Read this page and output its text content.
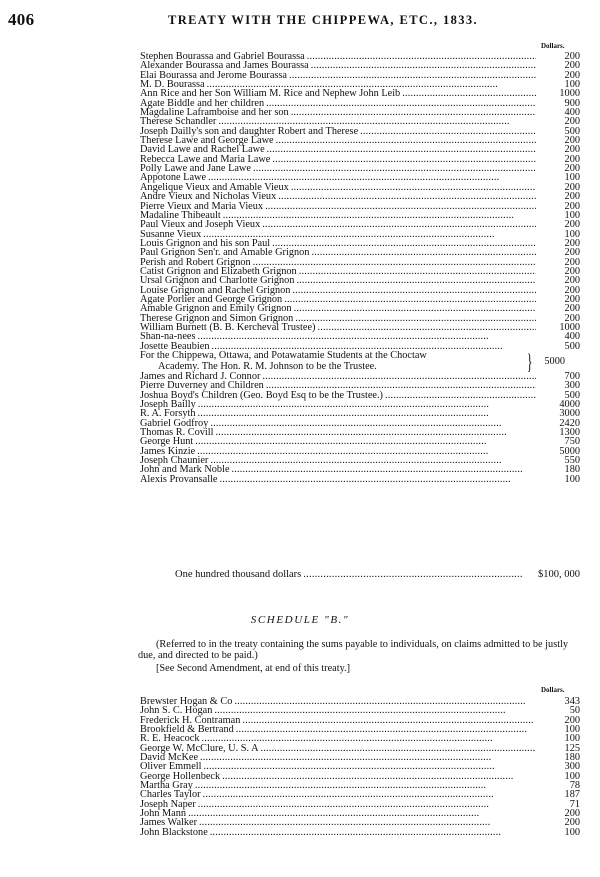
406	TREATY WITH THE CHIPPEWA, ETC., 1833.
Dollars.
Stephen Bourassa and Gabriel Bourassa . . .	200
Alexander Bourassa and James Bourassa . . .	200
Elai Bourassa and Jerome Bourassa . . .	200
M. D. Bourassa . . .	100
Ann Rice and her Son William M. Rice and Nephew John Leib . . .	1000
Agate Biddle and her children . . .	900
Magdaline Laframboise and her son . . .	400
Therese Schandler . . .	200
Joseph Dailly's son and daughter Robert and Therese . . .	500
Therese Lawe and George Lawe . . .	200
David Lawe and Rachel Lawe . . .	200
Rebecca Lawe and Maria Lawe . . .	200
Polly Lawe and Jane Lawe . . .	200
Appotone Lawe . . .	100
Angelique Vieux and Amable Vieux . . .	200
Andre Vieux and Nicholas Vieux . . .	200
Pierre Vieux and Maria Vieux . . .	200
Madaline Thibeault . . .	100
Paul Vieux and Joseph Vieux . . .	200
Susanne Vieux . . .	100
Louis Grignon and his son Paul . . .	200
Paul Grignon Sen'r. and Amable Grignon . . .	200
Perish and Robert Grignon . . .	200
Catist Grignon and Elizabeth Grignon . . .	200
Ursal Grignon and Charlotte Grignon . . .	200
Louise Grignon and Rachel Grignon . . .	200
Agate Porlier and George Grignon . . .	200
Amable Grignon and Emily Grignon . . .	200
Therese Grignon and Simon Grignon . . .	200
William Burnett (B. B. Kercheval Trustee) . . .	1000
Shan-na-nees . . .	400
Josette Beaubien . . .	500
For the Chippewa, Ottawa, and Potawatamie Students at the Choctaw
Academy. The Hon. R. M. Johnson to be the Trustee.	}	5000
James and Richard J. Connor . . .	700
Pierre Duverney and Children . . .	300
Joshua Boyd's Children (Geo. Boyd Esq to be the Trustee.) . . .	500
Joseph Bailly . . .	4000
R. A. Forsyth . . .	3000
Gabriel Godfroy . . .	2420
Thomas R. Covill . . .	1300
George Hunt . . .	750
James Kinzie . . .	5000
Joseph Chaunier . . .	550
John and Mark Noble . . .	180
Alexis Provansalle . . .	100
One hundred thousand dollars . . .	$100, 000
SCHEDULE "B."
(Referred to in the treaty containing the sums payable to individuals, on claims admitted to be justly due, and directed to be paid.)
[See Second Amendment, at end of this treaty.]
Dollars.
Brewster Hogan & Co . . .	343
John S. C. Hogan . . .	50
Frederick H. Contraman . . .	200
Brookfield & Bertrand . . .	100
R. E. Heacock . . .	100
George W. McClure, U. S. A . . .	125
David McKee . . .	180
Oliver Emmell . . .	300
George Hollenbeck . . .	100
Martha Gray . . .	78
Charles Taylor . . .	187
Joseph Naper . . .	71
John Mann . . .	200
James Walker . . .	200
John Blackstone . . .	100
